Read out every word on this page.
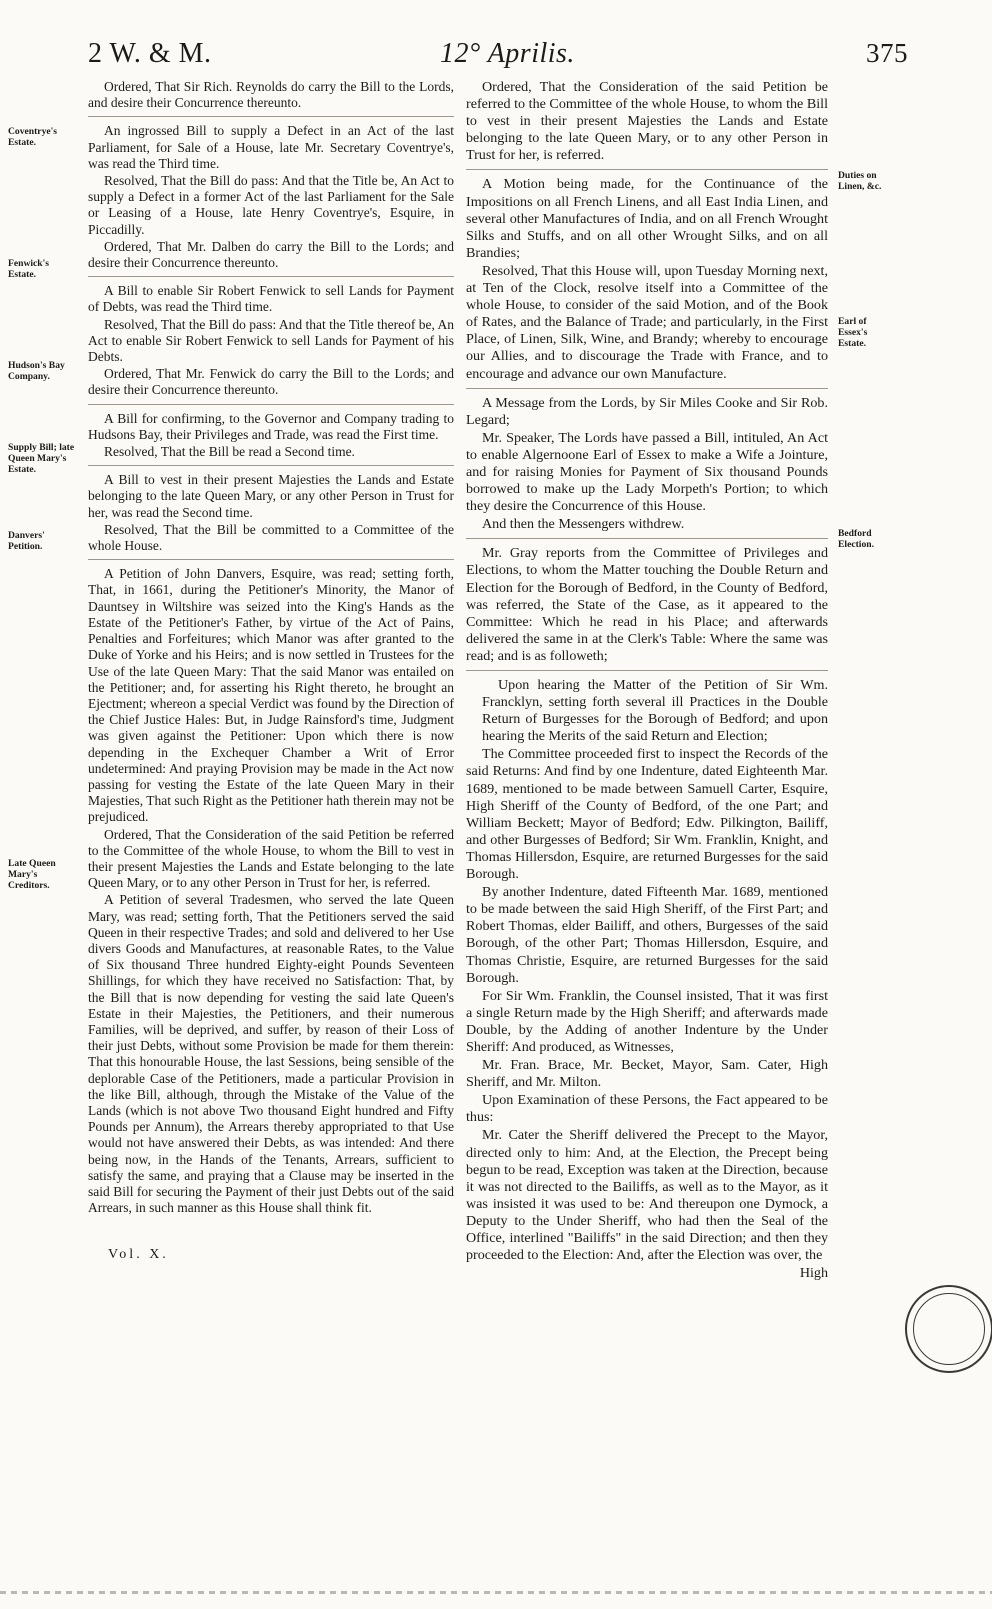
2 W. & M.	12° Aprilis.	375
Coventrye's Estate.
Fenwick's Estate.
Hudson's Bay Company.
Supply Bill; late Queen Mary's Estate.
Danvers' Petition.
Late Queen Mary's Creditors.
Duties on Linen, &c.
Earl of Essex's Estate.
Bedford Election.

Ordered, That Sir Rich. Reynolds do carry the Bill to the Lords, and desire their Concurrence thereunto.

An ingrossed Bill to supply a Defect in an Act of the last Parliament, for Sale of a House, late Mr. Secretary Coventrye's, was read the Third time.

Resolved, That the Bill do pass: And that the Title be, An Act to supply a Defect in a former Act of the last Parliament for the Sale or Leasing of a House, late Henry Coventrye's, Esquire, in Piccadilly.

Ordered, That Mr. Dalben do carry the Bill to the Lords; and desire their Concurrence thereunto.

A Bill to enable Sir Robert Fenwick to sell Lands for Payment of Debts, was read the Third time.

Resolved, That the Bill do pass: And that the Title thereof be, An Act to enable Sir Robert Fenwick to sell Lands for Payment of his Debts.

Ordered, That Mr. Fenwick do carry the Bill to the Lords; and desire their Concurrence thereunto.

A Bill for confirming, to the Governor and Company trading to Hudsons Bay, their Privileges and Trade, was read the First time.

Resolved, That the Bill be read a Second time.

A Bill to vest in their present Majesties the Lands and Estate belonging to the late Queen Mary, or any other Person in Trust for her, was read the Second time.

Resolved, That the Bill be committed to a Committee of the whole House.

A Petition of John Danvers, Esquire, was read; setting forth, That, in 1661, during the Petitioner's Minority, the Manor of Dauntsey in Wiltshire was seized into the King's Hands as the Estate of the Petitioner's Father, by virtue of the Act of Pains, Penalties and Forfeitures; which Manor was after granted to the Duke of Yorke and his Heirs; and is now settled in Trustees for the Use of the late Queen Mary: That the said Manor was entailed on the Petitioner; and, for asserting his Right thereto, he brought an Ejectment; whereon a special Verdict was found by the Direction of the Chief Justice Hales: But, in Judge Rainsford's time, Judgment was given against the Petitioner: Upon which there is now depending in the Exchequer Chamber a Writ of Error undetermined: And praying Provision may be made in the Act now passing for vesting the Estate of the late Queen Mary in their Majesties, That such Right as the Petitioner hath therein may not be prejudiced.

Ordered, That the Consideration of the said Petition be referred to the Committee of the whole House, to whom the Bill to vest in their present Majesties the Lands and Estate belonging to the late Queen Mary, or to any other Person in Trust for her, is referred.

A Petition of several Tradesmen, who served the late Queen Mary, was read; setting forth, That the Petitioners served the said Queen in their respective Trades; and sold and delivered to her Use divers Goods and Manufactures, at reasonable Rates, to the Value of Six thousand Three hundred Eighty-eight Pounds Seventeen Shillings, for which they have received no Satisfaction: That, by the Bill that is now depending for vesting the said late Queen's Estate in their Majesties, the Petitioners, and their numerous Families, will be deprived, and suffer, by reason of their Loss of their just Debts, without some Provision be made for them therein: That this honourable House, the last Sessions, being sensible of the deplorable Case of the Petitioners, made a particular Provision in the like Bill, although, through the Mistake of the Value of the Lands (which is not above Two thousand Eight hundred and Fifty Pounds per Annum), the Arrears thereby appropriated to that Use would not have answered their Debts, as was intended: And there being now, in the Hands of the Tenants, Arrears, sufficient to satisfy the same, and praying that a Clause may be inserted in the said Bill for securing the Payment of their just Debts out of the said Arrears, in such manner as this House shall think fit.

Vol. X.

Ordered, That the Consideration of the said Petition be referred to the Committee of the whole House, to whom the Bill to vest in their present Majesties the Lands and Estate belonging to the late Queen Mary, or to any other Person in Trust for her, is referred.

A Motion being made, for the Continuance of the Impositions on all French Linens, and all East India Linen, and several other Manufactures of India, and on all French Wrought Silks and Stuffs, and on all other Wrought Silks, and on all Brandies;

Resolved, That this House will, upon Tuesday Morning next, at Ten of the Clock, resolve itself into a Committee of the whole House, to consider of the said Motion, and of the Book of Rates, and the Balance of Trade; and particularly, in the First Place, of Linen, Silk, Wine, and Brandy; whereby to encourage our Allies, and to discourage the Trade with France, and to encourage and advance our own Manufacture.

A Message from the Lords, by Sir Miles Cooke and Sir Rob. Legard;

Mr. Speaker, The Lords have passed a Bill, intituled, An Act to enable Algernoone Earl of Essex to make a Wife a Jointure, and for raising Monies for Payment of Six thousand Pounds borrowed to make up the Lady Morpeth's Portion; to which they desire the Concurrence of this House.

And then the Messengers withdrew.

Mr. Gray reports from the Committee of Privileges and Elections, to whom the Matter touching the Double Return and Election for the Borough of Bedford, in the County of Bedford, was referred, the State of the Case, as it appeared to the Committee: Which he read in his Place; and afterwards delivered the same in at the Clerk's Table: Where the same was read; and is as followeth;

Upon hearing the Matter of the Petition of Sir Wm. Francklyn, setting forth several ill Practices in the Double Return of Burgesses for the Borough of Bedford; and upon hearing the Merits of the said Return and Election;

The Committee proceeded first to inspect the Records of the said Returns: And find by one Indenture, dated Eighteenth Mar. 1689, mentioned to be made between Samuell Carter, Esquire, High Sheriff of the County of Bedford, of the one Part; and William Beckett; Mayor of Bedford; Edw. Pilkington, Bailiff, and other Burgesses of Bedford; Sir Wm. Franklin, Knight, and Thomas Hillersdon, Esquire, are returned Burgesses for the said Borough.

By another Indenture, dated Fifteenth Mar. 1689, mentioned to be made between the said High Sheriff, of the First Part; and Robert Thomas, elder Bailiff, and others, Burgesses of the said Borough, of the other Part; Thomas Hillersdon, Esquire, and Thomas Christie, Esquire, are returned Burgesses for the said Borough.

For Sir Wm. Franklin, the Counsel insisted, That it was first a single Return made by the High Sheriff; and afterwards made Double, by the Adding of another Indenture by the Under Sheriff: And produced, as Witnesses,

Mr. Fran. Brace, Mr. Becket, Mayor, Sam. Cater, High Sheriff, and Mr. Milton.

Upon Examination of these Persons, the Fact appeared to be thus:

Mr. Cater the Sheriff delivered the Precept to the Mayor, directed only to him: And, at the Election, the Precept being begun to be read, Exception was taken at the Direction, because it was not directed to the Bailiffs, as well as to the Mayor, as it was insisted it was used to be: And thereupon one Dymock, a Deputy to the Under Sheriff, who had then the Seal of the Office, interlined "Bailiffs" in the said Direction; and then they proceeded to the Election: And, after the Election was over, the

High
